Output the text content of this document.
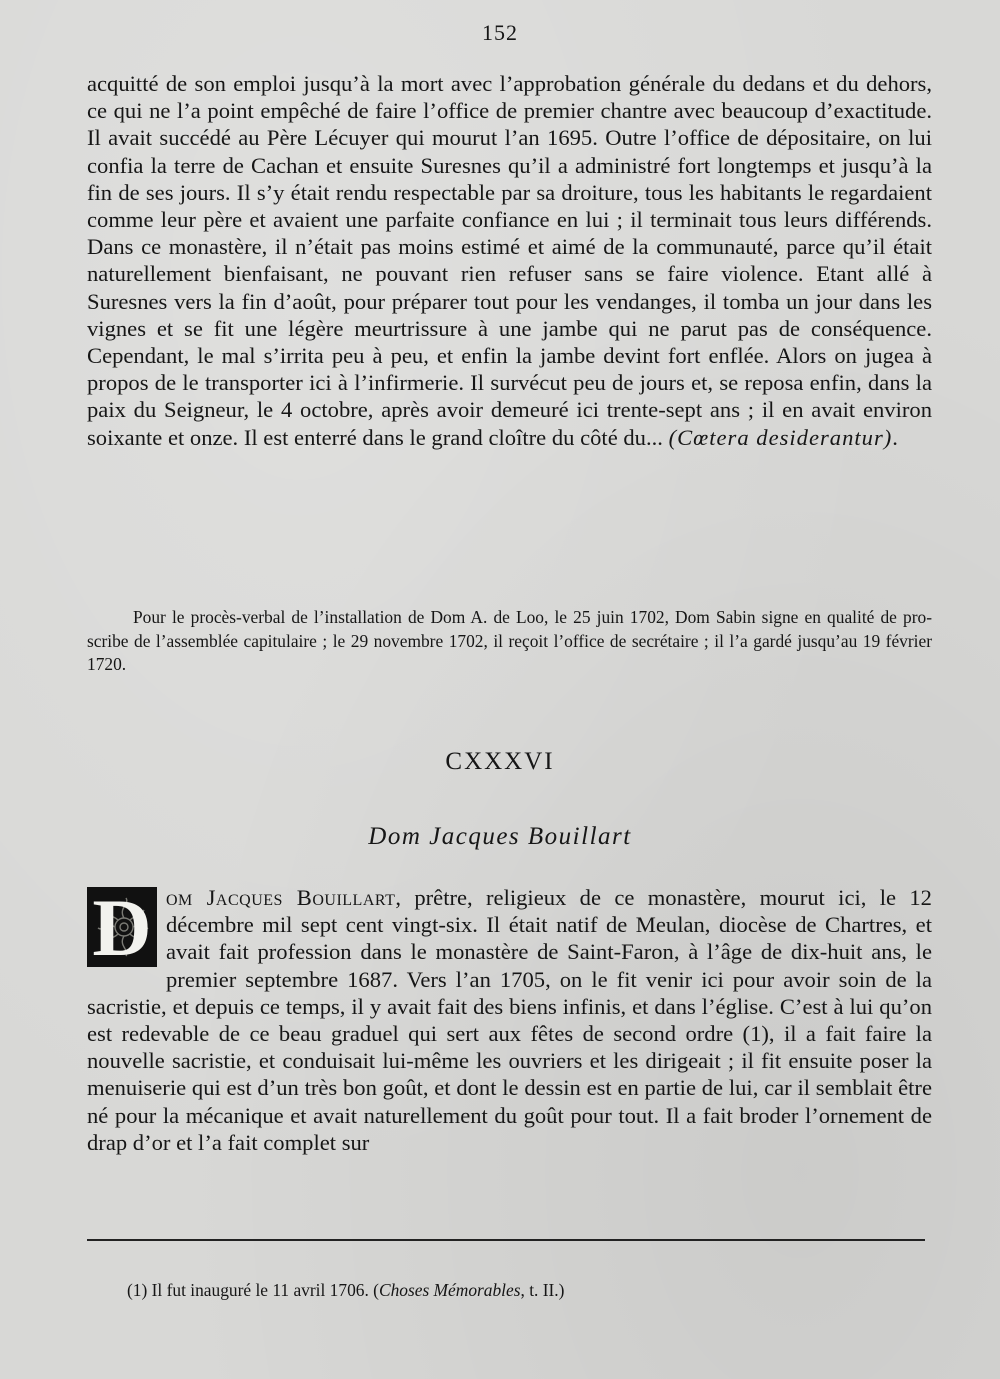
152
acquitté de son emploi jusqu’à la mort avec l’approbation générale du dedans et du dehors, ce qui ne l’a point empêché de faire l’office de premier chantre avec beaucoup d’exactitude. Il avait succédé au Père Lécuyer qui mourut l’an 1695. Outre l’office de dépositaire, on lui confia la terre de Cachan et ensuite Suresnes qu’il a administré fort longtemps et jusqu’à la fin de ses jours. Il s’y était rendu respectable par sa droiture, tous les habitants le regardaient comme leur père et avaient une parfaite confiance en lui ; il terminait tous leurs différends. Dans ce monastère, il n’était pas moins estimé et aimé de la communauté, parce qu’il était naturellement bienfaisant, ne pouvant rien refuser sans se faire violence. Etant allé à Suresnes vers la fin d’août, pour préparer tout pour les vendanges, il tomba un jour dans les vignes et se fit une légère meurtrissure à une jambe qui ne parut pas de conséquence. Cependant, le mal s’irrita peu à peu, et enfin la jambe devint fort enflée. Alors on jugea à propos de le transporter ici à l’infirmerie. Il survécut peu de jours et, se reposa enfin, dans la paix du Seigneur, le 4 octobre, après avoir demeuré ici trente-sept ans ; il en avait environ soixante et onze. Il est enterré dans le grand cloître du côté du... (Cœtera desiderantur).
Pour le procès-verbal de l’installation de Dom A. de Loo, le 25 juin 1702, Dom Sabin signe en qualité de pro-scribe de l’assemblée capitulaire ; le 29 novembre 1702, il reçoit l’office de secrétaire ; il l’a gardé jusqu’au 19 février 1720.
CXXXVI
Dom Jacques Bouillart
D om Jacques Bouillart, prêtre, religieux de ce monastère, mourut ici, le 12 décembre mil sept cent vingt-six. Il était natif de Meulan, diocèse de Chartres, et avait fait profession dans le monastère de Saint-Faron, à l’âge de dix-huit ans, le premier septembre 1687. Vers l’an 1705, on le fit venir ici pour avoir soin de la sacristie, et depuis ce temps, il y avait fait des biens infinis, et dans l’église. C’est à lui qu’on est redevable de ce beau graduel qui sert aux fêtes de second ordre (1), il a fait faire la nouvelle sacristie, et conduisait lui-même les ouvriers et les dirigeait ; il fit ensuite poser la menuiserie qui est d’un très bon goût, et dont le dessin est en partie de lui, car il semblait être né pour la mécanique et avait naturellement du goût pour tout. Il a fait broder l’ornement de drap d’or et l’a fait complet sur
(1) Il fut inauguré le 11 avril 1706. (Choses Mémorables, t. II.)
